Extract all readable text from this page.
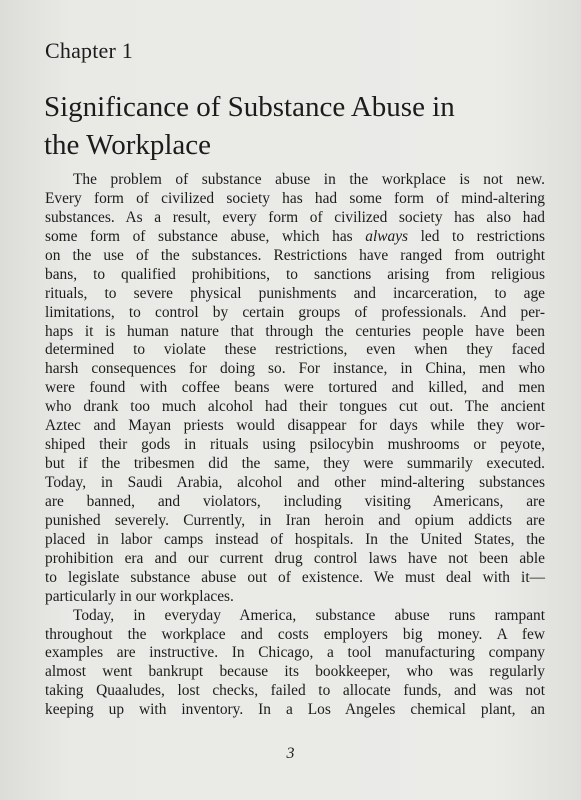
Chapter 1
Significance of Substance Abuse in
the Workplace
The problem of substance abuse in the workplace is not new.
Every form of civilized society has had some form of mind-altering
substances. As a result, every form of civilized society has also had
some form of substance abuse, which has always led to restrictions
on the use of the substances. Restrictions have ranged from outright
bans, to qualified prohibitions, to sanctions arising from religious
rituals, to severe physical punishments and incarceration, to age
limitations, to control by certain groups of professionals. And per-
haps it is human nature that through the centuries people have been
determined to violate these restrictions, even when they faced
harsh consequences for doing so. For instance, in China, men who
were found with coffee beans were tortured and killed, and men
who drank too much alcohol had their tongues cut out. The ancient
Aztec and Mayan priests would disappear for days while they wor-
shiped their gods in rituals using psilocybin mushrooms or peyote,
but if the tribesmen did the same, they were summarily executed.
Today, in Saudi Arabia, alcohol and other mind-altering substances
are banned, and violators, including visiting Americans, are
punished severely. Currently, in Iran heroin and opium addicts are
placed in labor camps instead of hospitals. In the United States, the
prohibition era and our current drug control laws have not been able
to legislate substance abuse out of existence. We must deal with it—
particularly in our workplaces.
Today, in everyday America, substance abuse runs rampant
throughout the workplace and costs employers big money. A few
examples are instructive. In Chicago, a tool manufacturing company
almost went bankrupt because its bookkeeper, who was regularly
taking Quaaludes, lost checks, failed to allocate funds, and was not
keeping up with inventory. In a Los Angeles chemical plant, an
3
